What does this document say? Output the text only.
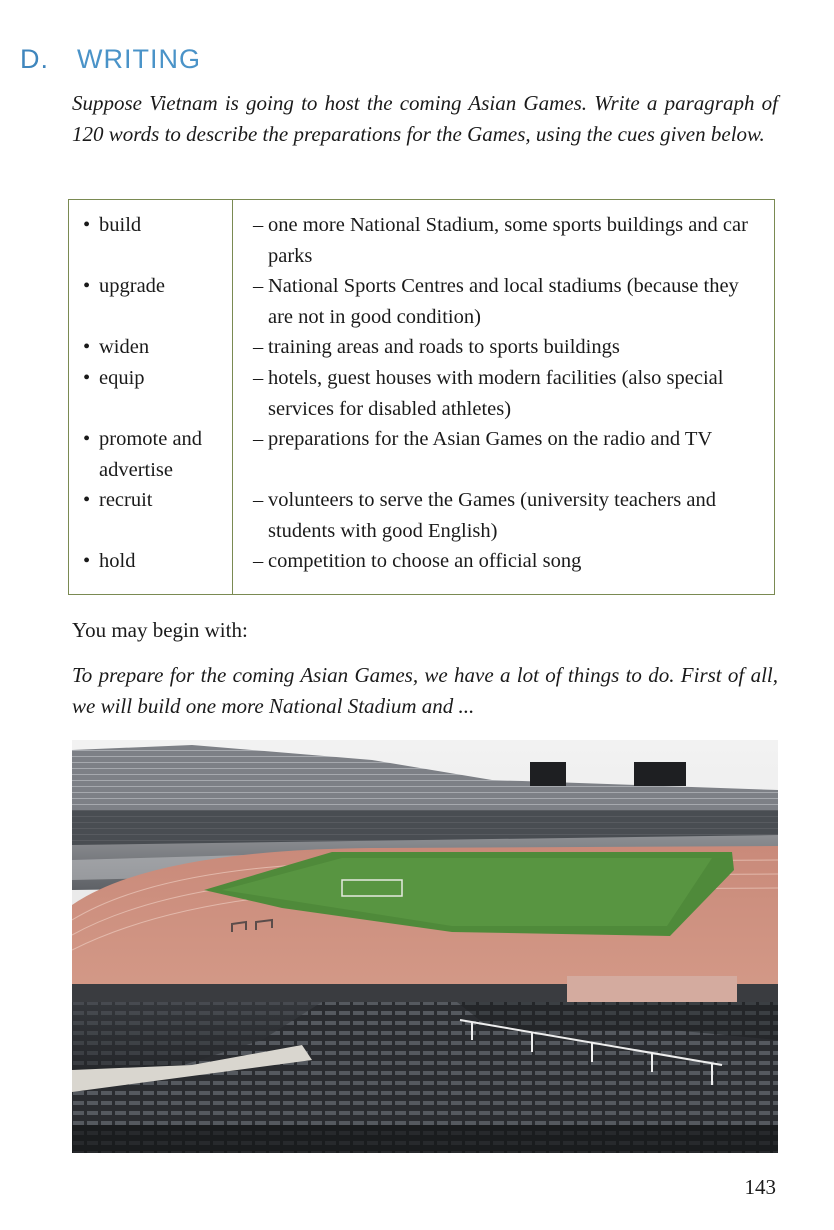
D. WRITING

Suppose Vietnam is going to host the coming Asian Games. Write a paragraph of 120 words to describe the preparations for the Games, using the cues given below.

• build	– one more National Stadium, some sports buildings and car parks
• upgrade	– National Sports Centres and local stadiums (because they are not in good condition)
• widen	– training areas and roads to sports buildings
• equip	– hotels, guest houses with modern facilities (also special services for disabled athletes)
• promote and advertise
– preparations for the Asian Games on the radio and TV
• recruit	– volunteers to serve the Games (university teachers and students with good English)
• hold	– competition to choose an official song

You may begin with:

To prepare for the coming Asian Games, we have a lot of things to do. First of all, we will build one more National Stadium and ...

143
